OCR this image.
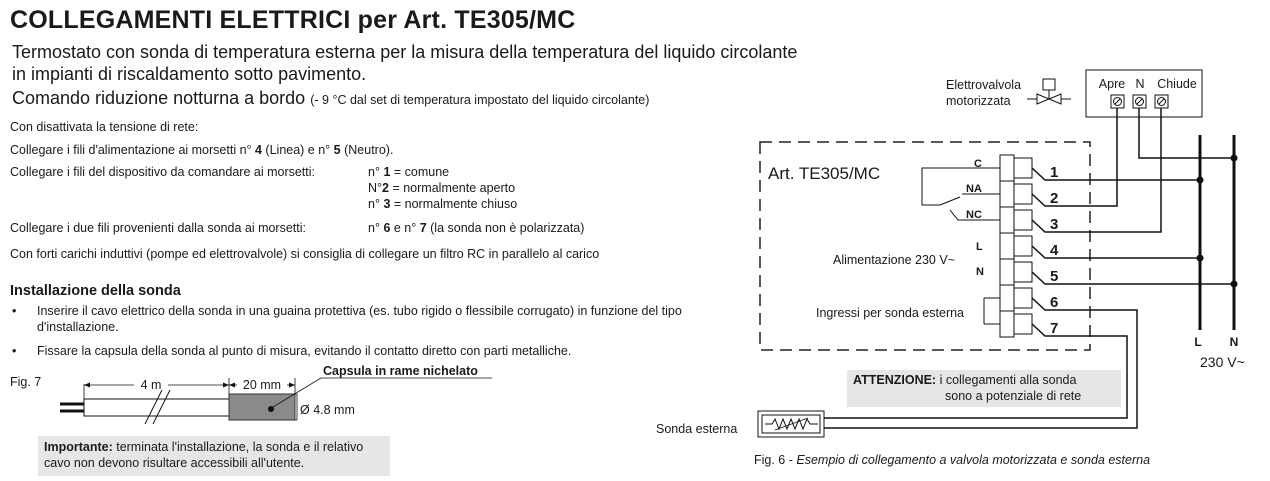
COLLEGAMENTI ELETTRICI per Art. TE305/MC
Termostato con sonda di temperatura esterna per la misura della temperatura del liquido circolante
in impianti di riscaldamento sotto pavimento.
Comando riduzione notturna a bordo (- 9 °C dal set di temperatura impostato del liquido circolante)
Con disattivata la tensione di rete:
Collegare i fili d'alimentazione ai morsetti n° 4 (Linea) e n° 5 (Neutro).
Collegare i fili del dispositivo da comandare ai morsetti:	n° 1 = comune
N°2 = normalmente aperto
n° 3 = normalmente chiuso
Collegare i due fili provenienti dalla sonda ai morsetti:	n° 6 e n° 7 (la sonda non è polarizzata)
Con forti carichi induttivi (pompe ed elettrovalvole) si consiglia di collegare un filtro RC in parallelo al carico
Installazione della sonda
• Inserire il cavo elettrico della sonda in una guaina protettiva (es. tubo rigido o flessibile corrugato) in funzione del tipo d'installazione.
• Fissare la capsula della sonda al punto di misura, evitando il contatto diretto con parti metalliche.
Fig. 7	4 m	20 mm
Capsula in rame nichelato
Ø 4.8 mm
Importante: terminata l'installazione, la sonda e il relativo
cavo non devono risultare accessibili all'utente.
Elettrovalvola
motorizzata
Apre N Chiude
Art. TE305/MC	C
NA
NC
Alimentazione 230 V~
L
N
Ingressi per sonda esterna
1
2
3
4
5
6
7
L N
230 V~
Sonda esterna
ATTENZIONE: i collegamenti alla sonda
sono a potenziale di rete
Fig. 6 - Esempio di collegamento a valvola motorizzata e sonda esterna
